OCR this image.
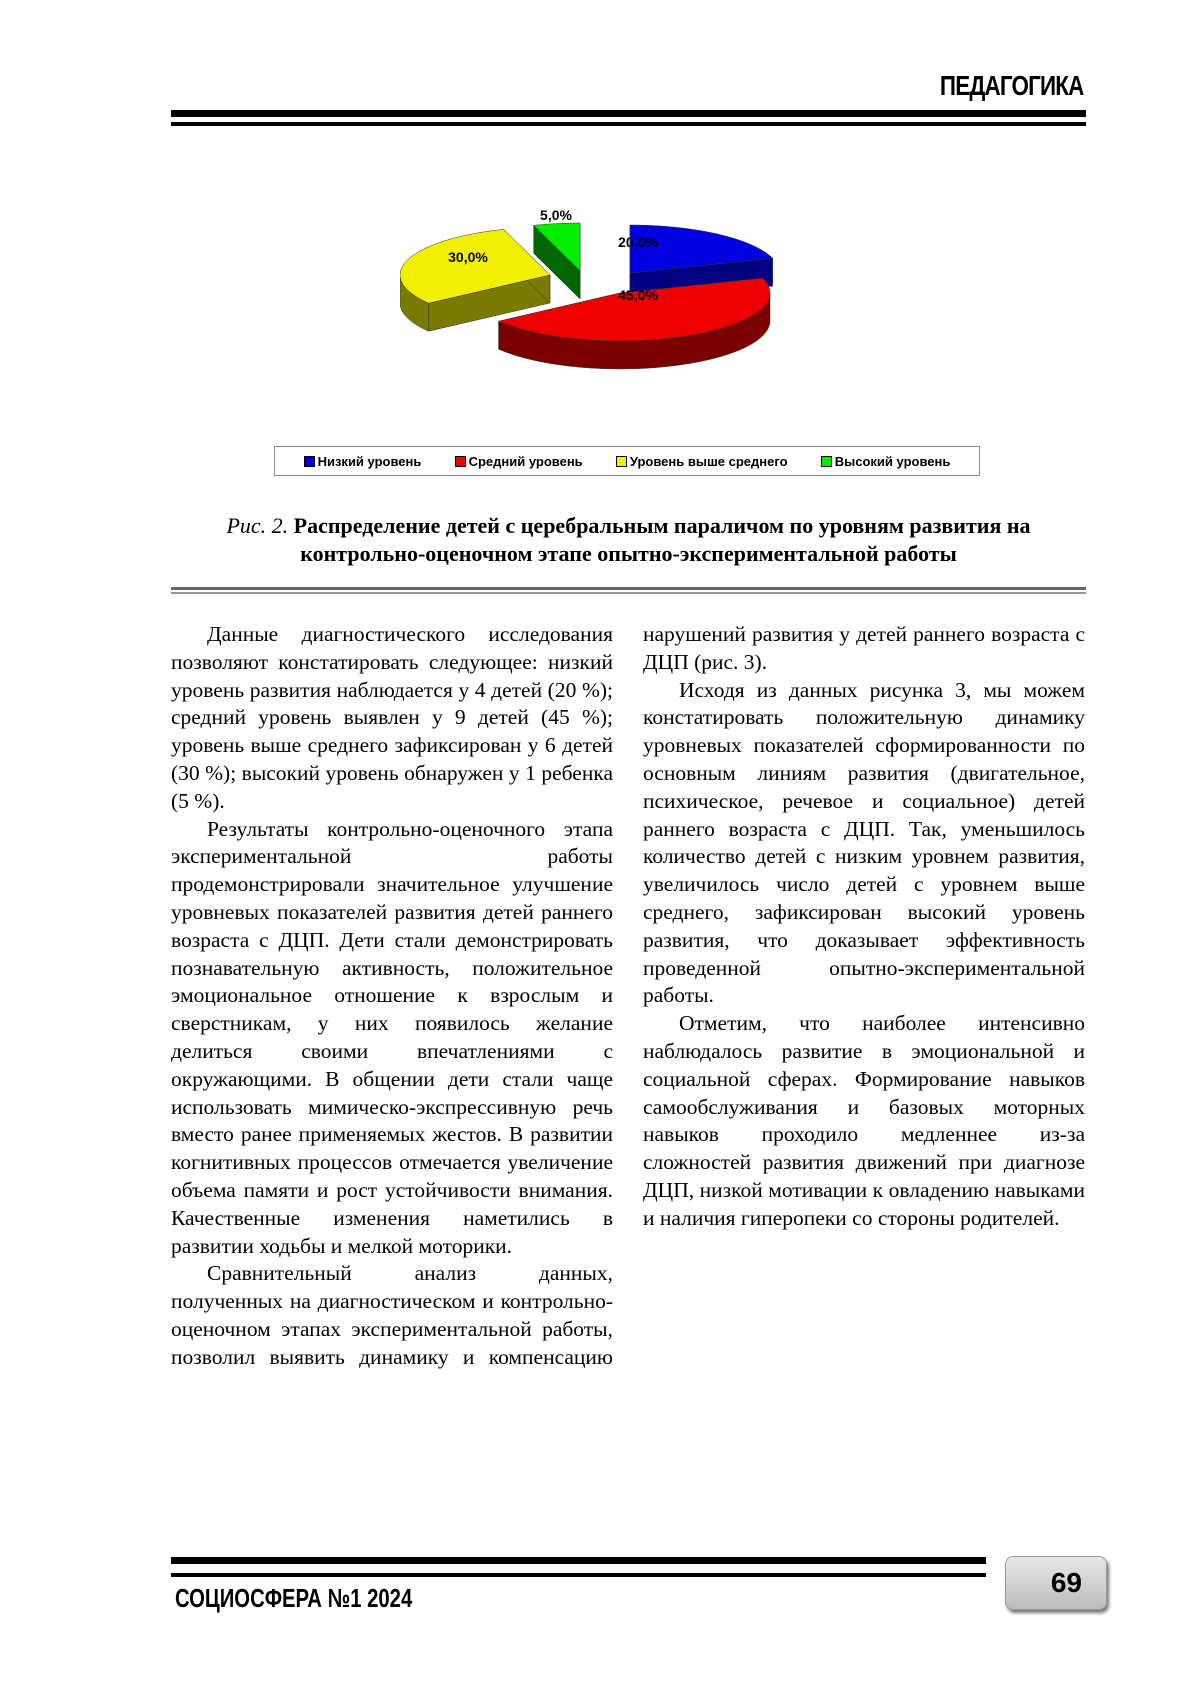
ПЕДАГОГИКА
20,0%
45,0%
30,0%
5,0%
Низкий уровень	Средний уровень	Уровень выше среднего	Высокий уровень
Рис. 2. Распределение детей с церебральным параличом по уровням развития на контрольно-оценочном этапе опытно-экспериментальной работы

Данные диагностического исследования позволяют констатировать следующее: низкий уровень развития наблюдается у 4 детей (20 %); средний уровень выявлен у 9 детей (45 %); уровень выше среднего зафиксирован у 6 детей (30 %); высокий уровень обнаружен у 1 ребенка (5 %).

Результаты контрольно-оценочного этапа экспериментальной работы продемонстрировали значительное улучшение уровневых показателей развития детей раннего возраста с ДЦП. Дети стали демонстрировать познавательную активность, положительное эмоциональное отношение к взрослым и сверстникам, у них появилось желание делиться своими впечатлениями с окружающими. В общении дети стали чаще использовать мимическо-экспрессивную речь вместо ранее применяемых жестов. В развитии когнитивных процессов отмечается увеличение объема памяти и рост устойчивости внимания. Качественные изменения наметились в развитии ходьбы и мелкой моторики.

Сравнительный анализ данных, полученных на диагностическом и контрольно-оценочном этапах экспериментальной работы, позволил выявить динамику и компенсацию нарушений развития у детей раннего возраста с ДЦП (рис. 3).

Исходя из данных рисунка 3, мы можем констатировать положительную динамику уровневых показателей сформированности по основным линиям развития (двигательное, психическое, речевое и социальное) детей раннего возраста с ДЦП. Так, уменьшилось количество детей с низким уровнем развития, увеличилось число детей с уровнем выше среднего, зафиксирован высокий уровень развития, что доказывает эффективность проведенной опытно-экспериментальной работы.

Отметим, что наиболее интенсивно наблюдалось развитие в эмоциональной и социальной сферах. Формирование навыков самообслуживания и базовых моторных навыков проходило медленнее из-за сложностей развития движений при диагнозе ДЦП, низкой мотивации к овладению навыками и наличия гиперопеки со стороны родителей.

СОЦИОСФЕРА №1 2024	69
